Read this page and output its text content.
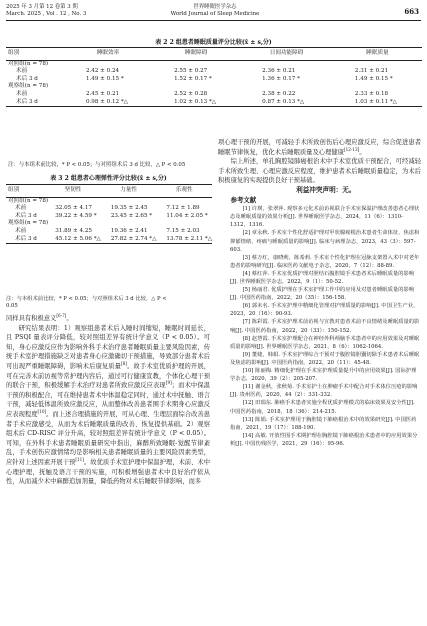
2025 年 3 月第 12 卷第 3 期
March. 2025 , Vol . 12 , No. 3
世界睡眠医学杂志
World Journal of Sleep Medicine	663
表 2 2 组患者睡眠质量评分比较(x̄ ± s,分)
组别	睡眠效率	睡眠障碍	日间功能障碍	睡眠质量
对照组(n = 78)				
术前	2.42 ± 0.24	2.55 ± 0.27	2.36 ± 0.21	2.31 ± 0.21
术后 3 d	1.49 ± 0.15 *	1.52 ± 0.17 *	1.36 ± 0.17 *	1.49 ± 0.15 *
观察组(n = 78)				
术前	2.45 ± 0.21	2.52 ± 0.28	2.38 ± 0.22	2.33 ± 0.18
术后 3 d	0.98 ± 0.12 *△	1.02 ± 0.13 *△	0.87 ± 0.13 *△	1.03 ± 0.11 *△
注：与本组术前比较，* P < 0.05；与对照组术后 3 d 比较，△ P < 0.05
表 3 2 组患者心理弹性评分比较(x̄ ± s,分)
组别	坚韧性	力量性	乐观性
对照组(n = 78)			
术前	32.05 ± 4.17	19.35 ± 2.45	7.12 ± 1.89
术后 3 d	39.22 ± 4.59 *	23.45 ± 2.65 *	11.04 ± 2.05 *
观察组(n = 78)			
术前	31.89 ± 4.25	19.36 ± 2.41	7.15 ± 2.03
术后 3 d	45.12 ± 5.06 *△	27.82 ± 2.74 *△	13.78 ± 2.11 *△
注：与本组术前比较，* P < 0.05；与对照组术后 3 d 比较，△ P <
0.05

同样具有积极意义[6-7]。

研究结果表明：1）观察组患者术后入睡时间缩短，睡眠时间延长，且 PSQI 量表评分降低，较对照组差异有统计学意义（P < 0.05）。可知，身心应激反应作为影响外科手术治疗患者睡眠质量主要风险因素，传统手术室护理措施缺乏对患者身心应激确切干预措施，导致部分患者术后可出现严重睡眠障碍，影响术后康复质量[8]。故手术室优质护理的开展，可在完善术前访视等常护理内容后，通过可行健康宣教，个体化心理干预的联合干预，积极缓解手术治疗对患者所致应激反应表现[9]；而术中保温干预的积极配合，可在维持患者术中体温稳定同时，通过术中抚触、语言干预，减轻低体温所致应激反应，从而整体改善患者围手术期身心应激反应表现程度[10]。而上述合理措施的开展，可从心理、生理层面综合改善患者手术应激感受，从而为术后睡眠质量的改善、恢复提供基础。2）观察组术后 CD-RISC 评分升高，较对照组差异有统计学意义（P < 0.05）。可知，在外科手术患者睡眠质量研究中指出，麻醉所致睡眠-觉醒节律紊乱，手术创伤应激情绪均是影响相关患者睡眠质量的主要风险因素类型，应针对上述因素开展干预[11]。故优质手术室护理中保温护理，术前、术中心理护理，抚触及语言干预的实施，可积极增强患者术中良好治疗依从性，从而减少术中麻醉追加剂量，降低药物对术后睡眠节律影响，而多

项心理干预的开展，可减轻手术所致创伤后心理应激反应，综合促进患者睡眠节律恢复，优化术后睡眠质量及心理健康[12-13]。

综上所述，单孔胸腔镜肺癌根治术中手术室优质干预配合，可经减轻手术所致生理、心理应激反应程度，维护患者术后睡眠质量稳定，为术后积极康复的实现提供良好干预基础。

利益冲突声明：无。

参考文献

[1] 许瑛，张翠萍. 观察多元化术前访视联合手术室保温护理改善患者心理状态及睡眠质量的效果分析[J]. 世界睡眠医学杂志，2024，11（6）：1310-1312，1316.

[2] 章永秋. 手术室个性化舒适护理对甲状腺癌根治术患者生命体征、焦虑和抑郁情绪、疼痛与睡眠质量的影响[J]. 临床与病理杂志，2023，43（3）：597-603.

[3] 蔡万红，康晓莉，陈希莉. 手术室个性化护理在冠脉支架置入术中对老年患者的影响研究[J]. 临床医药文献电子杂志，2020，7（12）：88-89.

[4] 蔡红萍. 手术室优质护理对胆结石腹腔镜手术患者术后睡眠质量的影响[J]. 世界睡眠医学杂志，2022，9（1）：50-52.

[5] 杨丽君. 优质护理在手术室护理工作中的应用及对患者睡眠质量的影响[J]. 中国医药指南，2022，20（35）：156-158.

[6] 郭未名. 手术室护理中精细化管理对护理质量的影响[J]. 中国卫生产业，2023，20（16）：90-93.

[7] 陈彩霞. 手术室护理术前访视与宣教对患者术前不良情绪及睡眠质量的影响[J]. 中国医药指南，2022，20（33）：150-152.

[8] 赵慧霞. 手术室护理配合在神经外科颅脑手术患者中的应用效果及对睡眠质量的影响[J]. 世界睡眠医学杂志，2021，8（6）：1062-1064.

[9] 董婕，韩娟. 手术室护理综合干预对于腹腔镜胆囊切除手术患者术后睡眠及焦虑的影响[J]. 中国医药指南，2022，20（11）：45-48.

[10] 陈丽梅. 精细化护理在手术室护理质量提升中的应用效果[J]. 国际护理学杂志，2020，39（2）：205-207.

[11] 谢金秋，张秋菊. 手术室护士在肿瘤手术中配合对手术体位压疮的影响[J]. 贵州医药，2020，44（2）：331-332.

[12] 田瑞东. 肺癌手术患者实施全程优质护理模式的临床效果及安全性[J]. 中国医药指南，2018，18（36）：214-215.

[13] 陈娟. 手术室护理用于胸腔镜下肺癌根治术中的效果研究[J]. 中国医药指南，2021，19（17）：188-190.

[14] 高敏. 开放性围手术期护理在胸腔镜下肺癌根治术患者中的应用效果分析[J]. 中国伤残医学，2021，29（16）：95-96.
